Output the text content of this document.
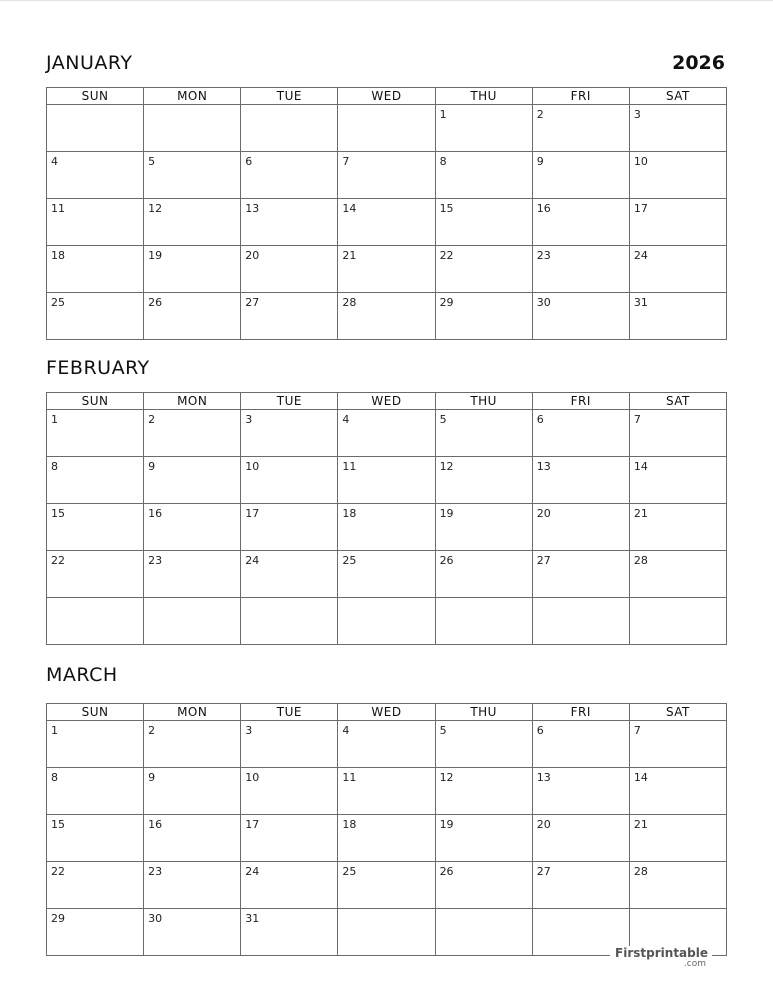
JANUARY	2026
SUN	MON	TUE	WED	THU	FRI	SAT

				1	2	3

4	5	6	7	8	9	10

11	12	13	14	15	16	17

18	19	20	21	22	23	24

25	26	27	28	29	30	31
FEBRUARY
SUN	MON	TUE	WED	THU	FRI	SAT

1	2	3	4	5	6	7

8	9	10	11	12	13	14

15	16	17	18	19	20	21

22	23	24	25	26	27	28

MARCH
SUN	MON	TUE	WED	THU	FRI	SAT

1	2	3	4	5	6	7

8	9	10	11	12	13	14

15	16	17	18	19	20	21

22	23	24	25	26	27	28

29	30	31				

Firstprintable
.com
